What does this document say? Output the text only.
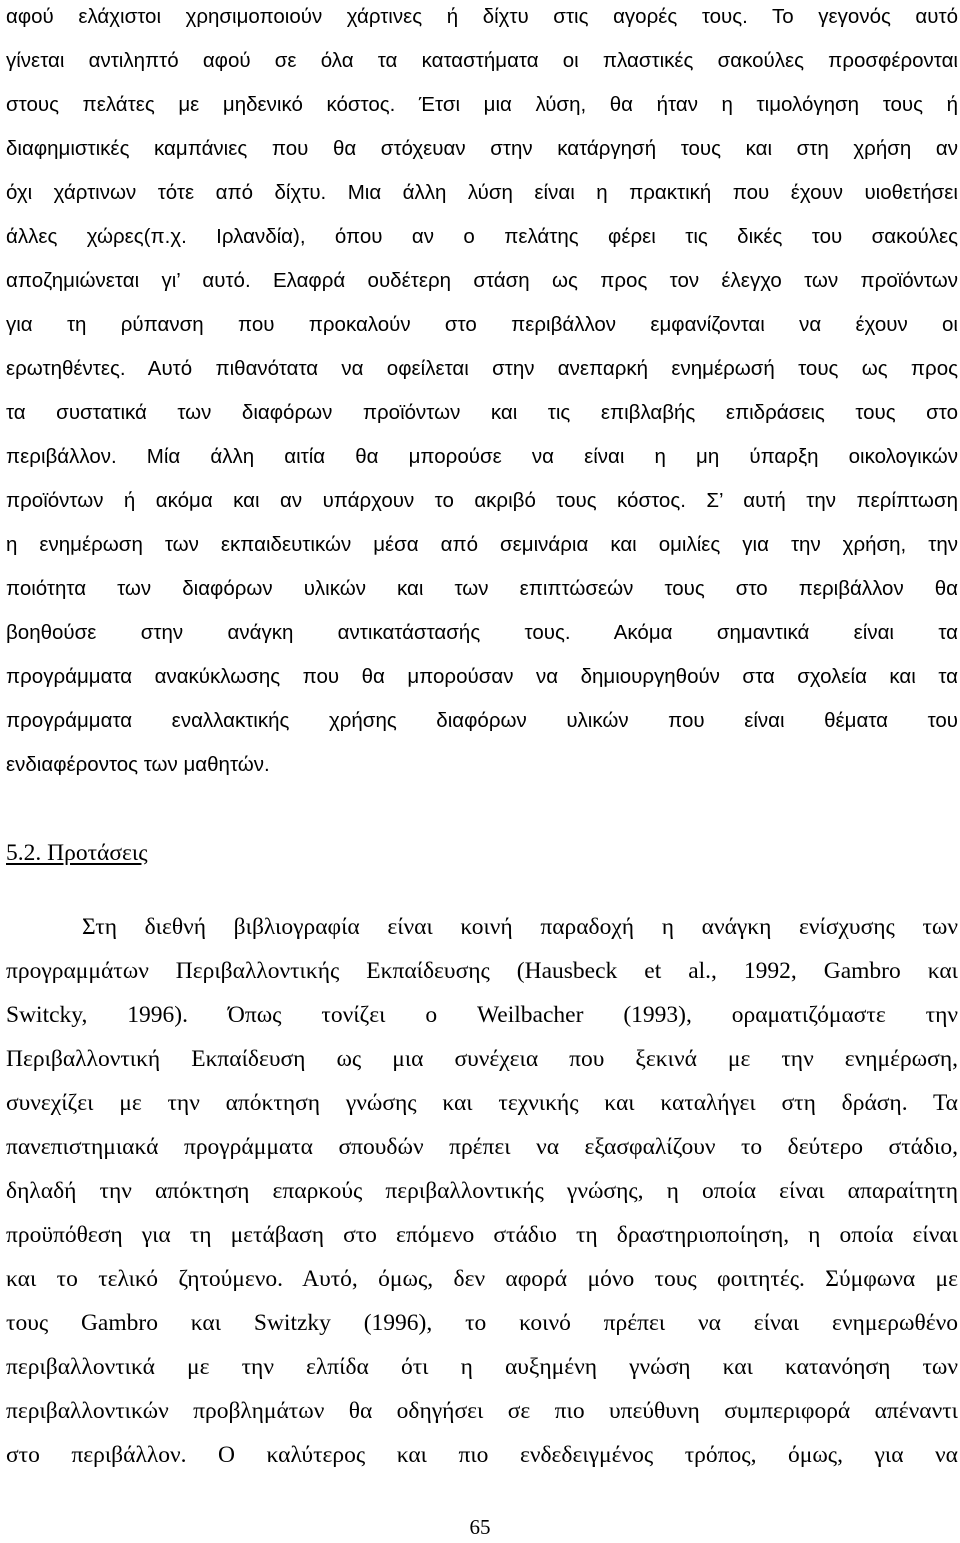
αφού ελάχιστοι χρησιμοποιούν χάρτινες ή δίχτυ στις αγορές τους. Το γεγονός αυτό
γίνεται αντιληπτό αφού σε όλα τα καταστήματα οι πλαστικές σακούλες προσφέρονται
στους πελάτες με μηδενικό κόστος. Έτσι μια λύση, θα ήταν η τιμολόγηση τους ή
διαφημιστικές καμπάνιες που θα στόχευαν στην κατάργησή τους και στη χρήση αν
όχι χάρτινων τότε από δίχτυ. Μια άλλη λύση είναι η πρακτική που έχουν υιοθετήσει
άλλες χώρες(π.χ. Ιρλανδία), όπου αν ο πελάτης φέρει τις δικές του σακούλες
αποζημιώνεται γι’ αυτό. Ελαφρά ουδέτερη στάση ως προς τον έλεγχο των προϊόντων
για τη ρύπανση που προκαλούν στο περιβάλλον εμφανίζονται να έχουν οι
ερωτηθέντες. Αυτό πιθανότατα να οφείλεται στην ανεπαρκή ενημέρωσή τους ως προς
τα συστατικά των διαφόρων προϊόντων και τις επιβλαβής επιδράσεις τους στο
περιβάλλον. Μία άλλη αιτία θα μπορούσε να είναι η μη ύπαρξη οικολογικών
προϊόντων ή ακόμα και αν υπάρχουν το ακριβό τους κόστος. Σ’ αυτή την περίπτωση
η ενημέρωση των εκπαιδευτικών μέσα από σεμινάρια και ομιλίες για την χρήση, την
ποιότητα των διαφόρων υλικών και των επιπτώσεών τους στο περιβάλλον θα
βοηθούσε στην ανάγκη αντικατάστασής τους. Ακόμα σημαντικά είναι τα
προγράμματα ανακύκλωσης που θα μπορούσαν να δημιουργηθούν στα σχολεία και τα
προγράμματα εναλλακτικής χρήσης διαφόρων υλικών που είναι θέματα του
ενδιαφέροντος των μαθητών.
5.2. Προτάσεις
Στη διεθνή βιβλιογραφία είναι κοινή παραδοχή η ανάγκη ενίσχυσης των
προγραμμάτων Περιβαλλοντικής Εκπαίδευσης (Hausbeck et al., 1992, Gambro και
Switcky, 1996). Όπως τονίζει ο Weilbacher (1993), οραματιζόμαστε την
Περιβαλλοντική Εκπαίδευση ως μια συνέχεια που ξεκινά με την ενημέρωση,
συνεχίζει με την απόκτηση γνώσης και τεχνικής και καταλήγει στη δράση. Τα
πανεπιστημιακά προγράμματα σπουδών πρέπει να εξασφαλίζουν το δεύτερο στάδιο,
δηλαδή την απόκτηση επαρκούς περιβαλλοντικής γνώσης, η οποία είναι απαραίτητη
προϋπόθεση για τη μετάβαση στο επόμενο στάδιο τη δραστηριοποίηση, η οποία είναι
και το τελικό ζητούμενο. Αυτό, όμως, δεν αφορά μόνο τους φοιτητές. Σύμφωνα με
τους Gambro και Switzky (1996), το κοινό πρέπει να είναι ενημερωθένο
περιβαλλοντικά με την ελπίδα ότι η αυξημένη γνώση και κατανόηση των
περιβαλλοντικών προβλημάτων θα οδηγήσει σε πιο υπεύθυνη συμπεριφορά απέναντι
στο περιβάλλον. Ο καλύτερος και πιο ενδεδειγμένος τρόπος, όμως, για να
65
